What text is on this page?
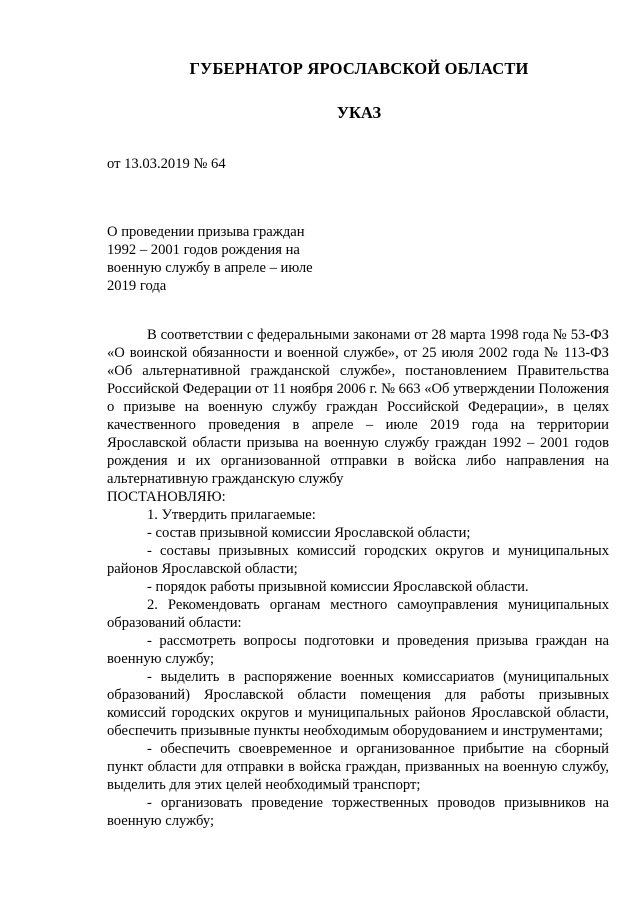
ГУБЕРНАТОР ЯРОСЛАВСКОЙ ОБЛАСТИ
УКАЗ
от 13.03.2019 № 64
О проведении призыва граждан
1992 – 2001 годов рождения на
военную службу в апреле – июле
2019 года

В соответствии с федеральными законами от 28 марта 1998 года № 53-ФЗ «О воинской обязанности и военной службе», от 25 июля 2002 года № 113-ФЗ «Об альтернативной гражданской службе», постановлением Правительства Российской Федерации от 11 ноября 2006 г. № 663 «Об утверждении Положения о призыве на военную службу граждан Российской Федерации», в целях качественного проведения в апреле – июле 2019 года на территории Ярославской области призыва на военную службу граждан 1992 – 2001 годов рождения и их организованной отправки в войска либо направления на альтернативную гражданскую службу

ПОСТАНОВЛЯЮ:

1. Утвердить прилагаемые:

- состав призывной комиссии Ярославской области;

- составы призывных комиссий городских округов и муниципальных районов Ярославской области;

- порядок работы призывной комиссии Ярославской области.

2. Рекомендовать органам местного самоуправления муниципальных образований области:

- рассмотреть вопросы подготовки и проведения призыва граждан на военную службу;

- выделить в распоряжение военных комиссариатов (муниципальных образований) Ярославской области помещения для работы призывных комиссий городских округов и муниципальных районов Ярославской области, обеспечить призывные пункты необходимым оборудованием и инструментами;

- обеспечить своевременное и организованное прибытие на сборный пункт области для отправки в войска граждан, призванных на военную службу, выделить для этих целей необходимый транспорт;

- организовать проведение торжественных проводов призывников на военную службу;
